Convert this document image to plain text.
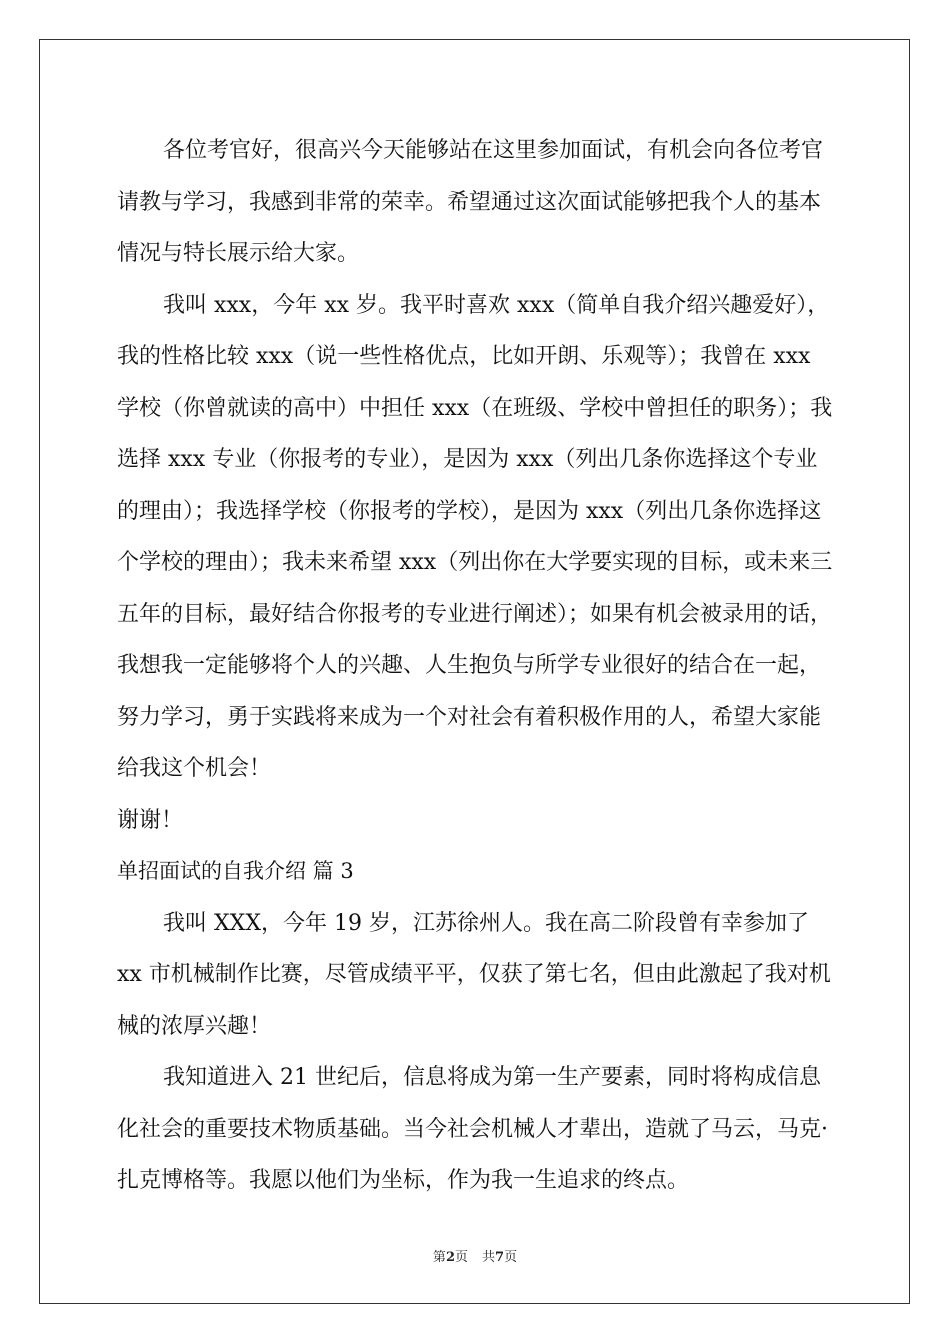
各位考官好，很高兴今天能够站在这里参加面试，有机会向各位考官请教与学习，我感到非常的荣幸。希望通过这次面试能够把我个人的基本情况与特长展示给大家。

我叫 xxx，今年 xx 岁。我平时喜欢 xxx（简单自我介绍兴趣爱好），我的性格比较 xxx（说一些性格优点，比如开朗、乐观等）；我曾在 xxx 学校（你曾就读的高中）中担任 xxx（在班级、学校中曾担任的职务）；我选择 xxx 专业（你报考的专业），是因为 xxx（列出几条你选择这个专业的理由）；我选择学校（你报考的学校），是因为 xxx（列出几条你选择这个学校的理由）；我未来希望 xxx（列出你在大学要实现的目标，或未来三五年的目标，最好结合你报考的专业进行阐述）；如果有机会被录用的话，我想我一定能够将个人的兴趣、人生抱负与所学专业很好的结合在一起，努力学习，勇于实践将来成为一个对社会有着积极作用的人，希望大家能给我这个机会！

谢谢！

单招面试的自我介绍 篇 3

我叫 XXX，今年 19 岁，江苏徐州人。我在高二阶段曾有幸参加了 xx 市机械制作比赛，尽管成绩平平，仅获了第七名，但由此激起了我对机械的浓厚兴趣！

我知道进入 21 世纪后，信息将成为第一生产要素，同时将构成信息化社会的重要技术物质基础。当今社会机械人才辈出，造就了马云，马克·扎克博格等。我愿以他们为坐标，作为我一生追求的终点。

第2页 共7页
